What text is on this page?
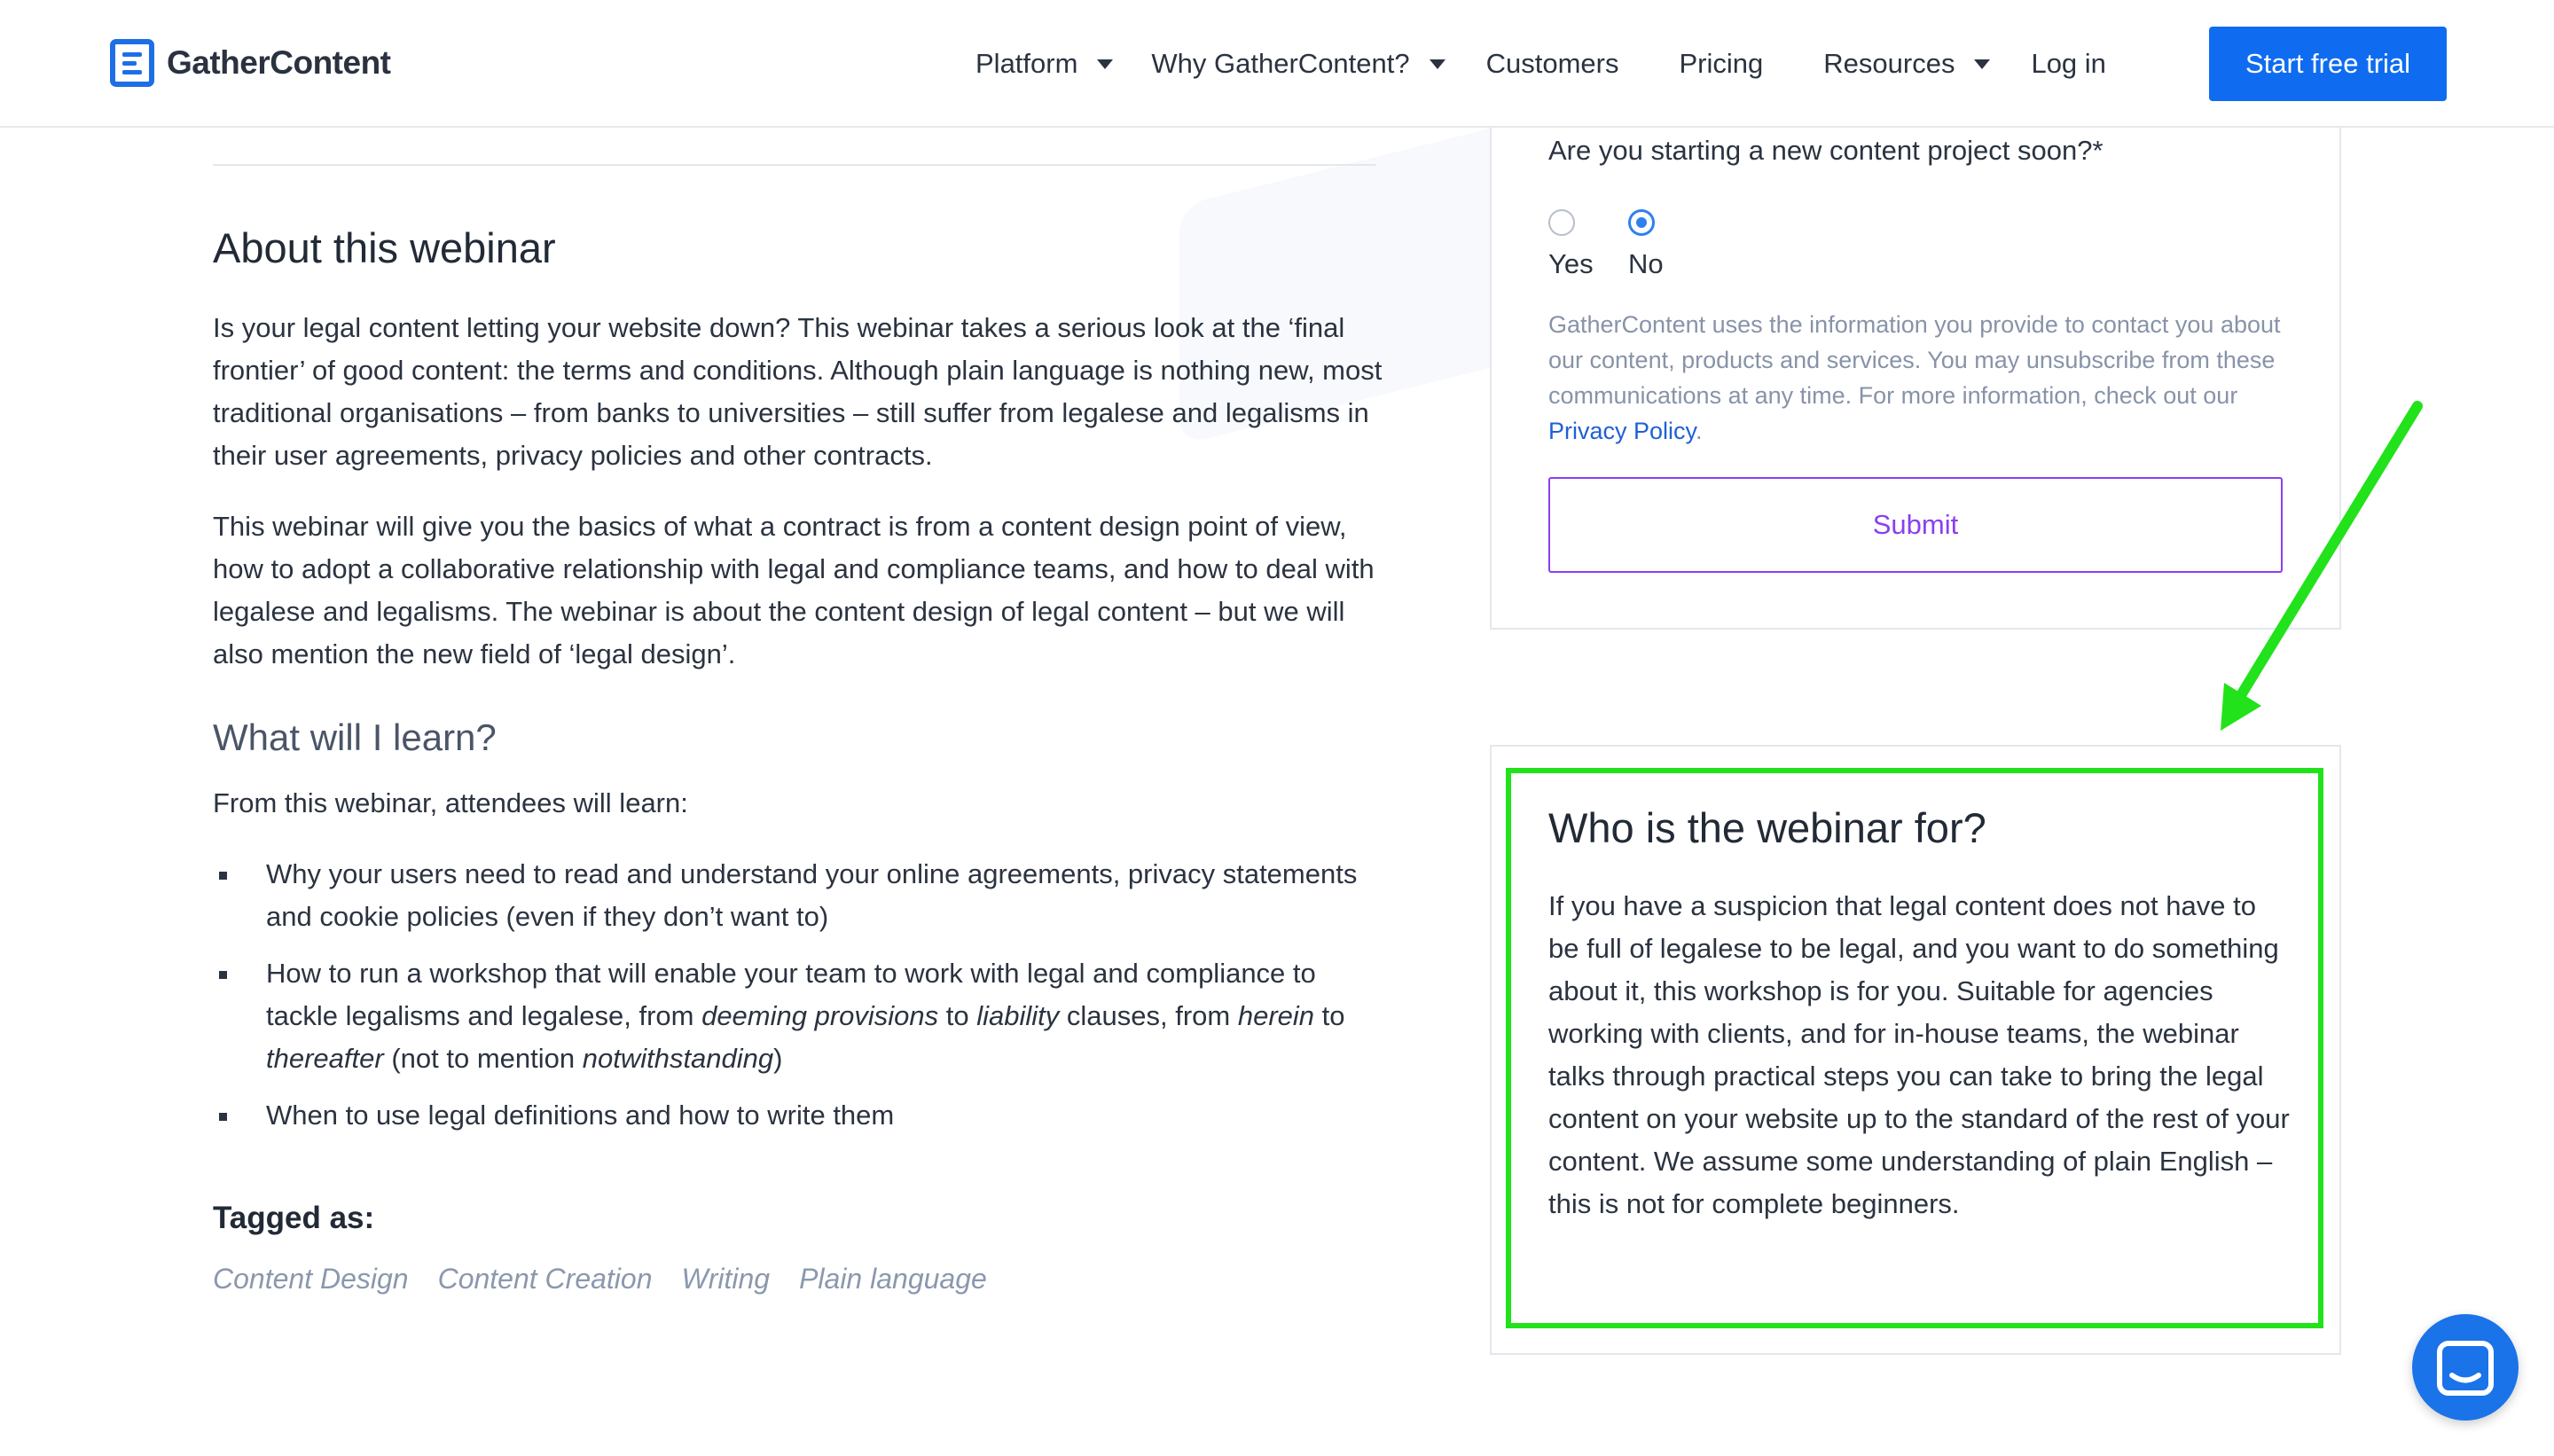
GatherContent	Platform	Why GatherContent?	Customers Pricing Resources	Log in	Start free trial
About this webinar

Is your legal content letting your website down? This webinar takes a serious look at the ‘final frontier’ of good content: the terms and conditions. Although plain language is nothing new, most traditional organisations – from banks to universities – still suffer from legalese and legalisms in their user agreements, privacy policies and other contracts.

This webinar will give you the basics of what a contract is from a content design point of view, how to adopt a collaborative relationship with legal and compliance teams, and how to deal with legalese and legalisms. The webinar is about the content design of legal content – but we will also mention the new field of ‘legal design’.

What will I learn?

From this webinar, attendees will learn:

Why your users need to read and understand your online agreements, privacy statements and cookie policies (even if they don’t want to)
How to run a workshop that will enable your team to work with legal and compliance to tackle legalisms and legalese, from deeming provisions to liability clauses, from herein to thereafter (not to mention notwithstanding)
When to use legal definitions and how to write them
Tagged as:
Content Design Content Creation Writing Plain language
Are you starting a new content project soon?*
Yes No
GatherContent uses the information you provide to contact you about our content, products and services. You may unsubscribe from these communications at any time. For more information, check out our Privacy Policy.
Submit
Who is the webinar for?

If you have a suspicion that legal content does not have to be full of legalese to be legal, and you want to do something about it, this workshop is for you. Suitable for agencies working with clients, and for in-house teams, the webinar talks through practical steps you can take to bring the legal content on your website up to the standard of the rest of your content. We assume some understanding of plain English – this is not for complete beginners.
